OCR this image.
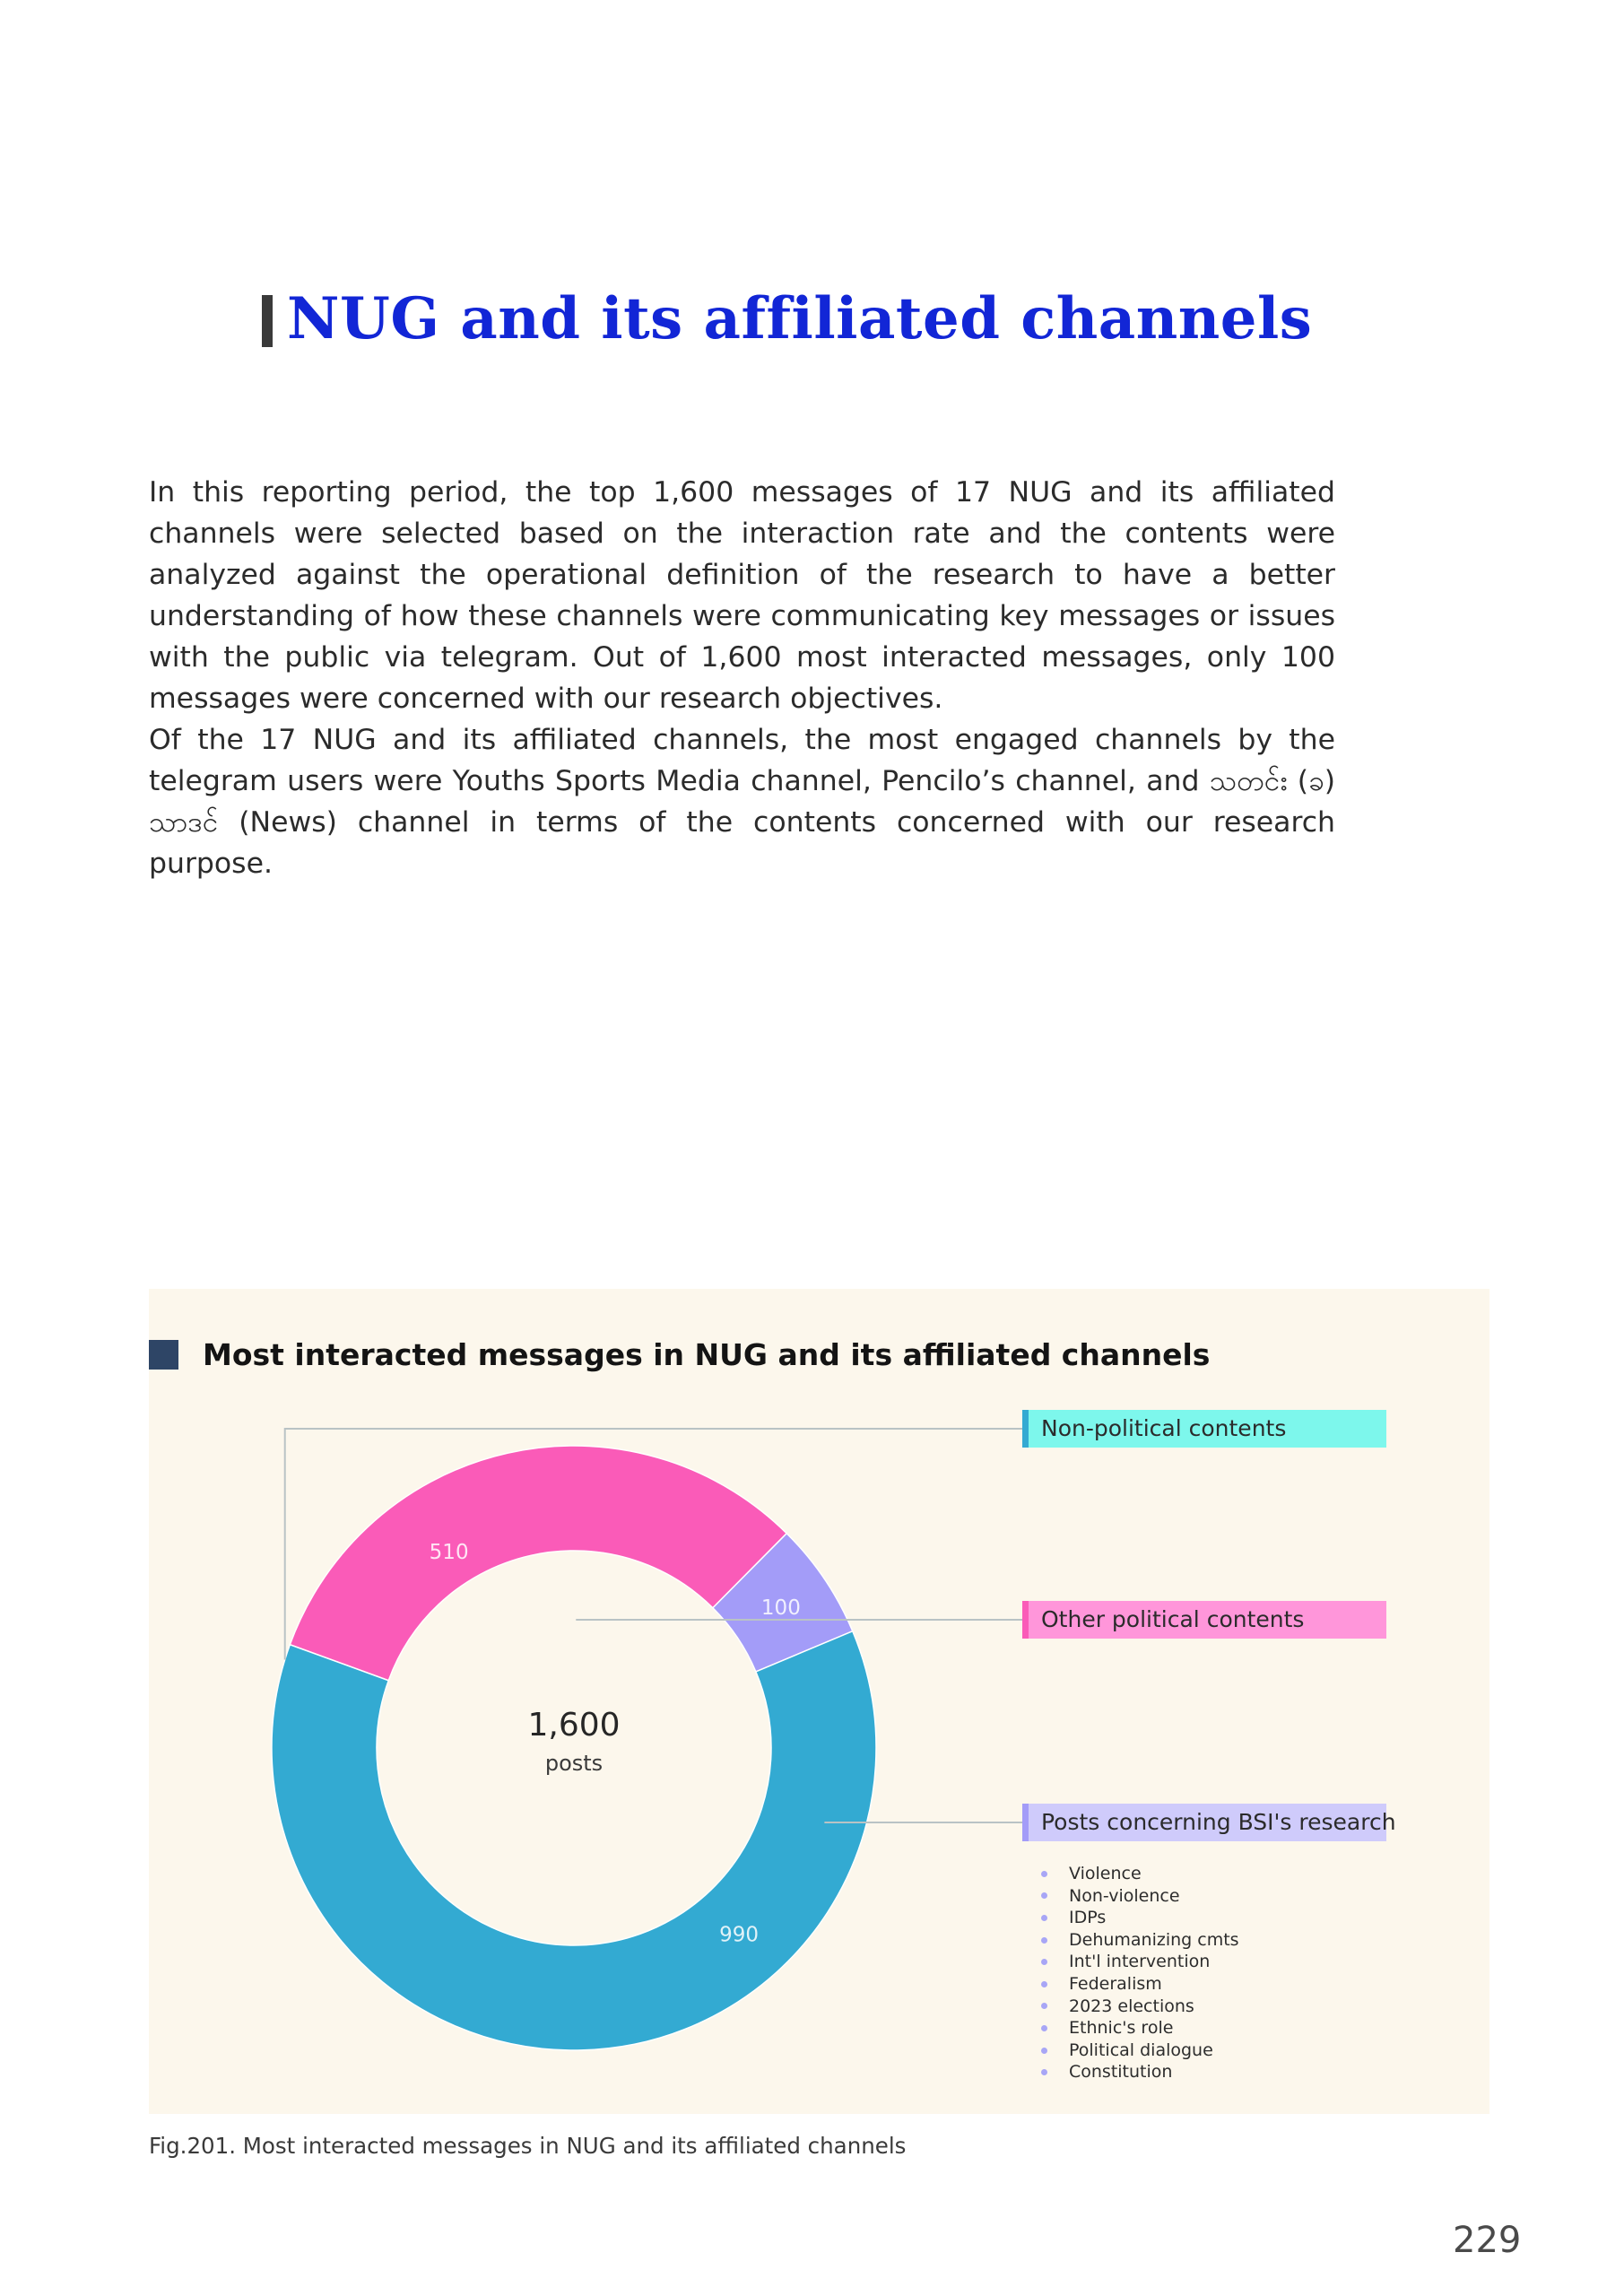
NUG and its affiliated channels

In this reporting period, the top 1,600 messages of 17 NUG and its affiliated channels were selected based on the interaction rate and the contents were analyzed against the operational definition of the research to have a better understanding of how these channels were communicating key messages or issues with the public via telegram. Out of 1,600 most interacted messages, only 100 messages were concerned with our research objectives.

Of the 17 NUG and its affiliated channels, the most engaged channels by the telegram users were Youths Sports Media channel, Pencilo’s channel, and သတင်း (ခ) သာဒင် (News) channel in terms of the contents concerned with our research purpose.

Most interacted messages in NUG and its affiliated channels
990
510
100
1,600
posts
Non-political contents
Other political contents
Posts concerning BSI's research
Violence
Non-violence
IDPs
Dehumanizing cmts
Int'l intervention
Federalism
2023 elections
Ethnic's role
Political dialogue
Constitution

Fig.201. Most interacted messages in NUG and its affiliated channels

229
